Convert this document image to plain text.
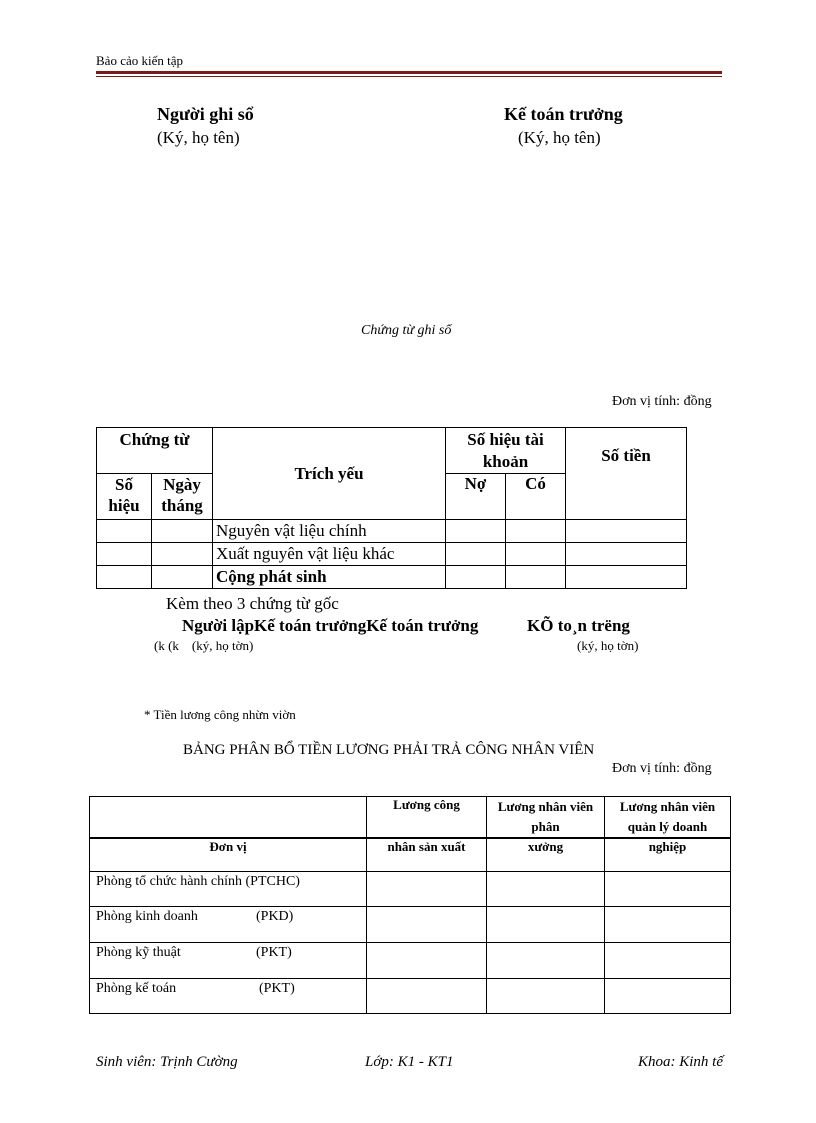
Bảo cảo kiến tập
Người ghi sổ
(Ký, họ tên)
Kế toán trưởng
(Ký, họ tên)
Chứng từ ghi sổ
Đơn vị tính: đồng
Chứng từ		Trích yếu	Số hiệu tài khoản		Số tiền
Số hiệu	Ngày tháng		Nợ	Có	
		Nguyên vật liệu chính			
		Xuất nguyên vật liệu khác			
		Cộng phát sinh			
Kèm theo 3 chứng từ gốc
Người lậpKế toán trưởngKế toán trưởng	KÕ to¸n trëng
(k (k    (ký, họ tờn)	(ký, họ tờn)
* Tiền lương công nhừn viờn
BẢNG PHÂN BỔ TIỀN LƯƠNG PHẢI TRẢ CÔNG NHÂN VIÊN
Đơn vị tính: đồng
	Lương công	Lương nhân viên phân	Lương nhân viên quản lý doanh
Đơn vị	nhân sản xuất	xưởng	nghiệp
Phòng tổ chức hành chính (PTCHC)			
Phòng kinh doanh (PKD)			
Phòng kỹ thuật (PKT)			
Phòng kế toán (PKT)			
Sinh viên: Trịnh Cường	Lớp: K1 - KT1	Khoa: Kinh tế
